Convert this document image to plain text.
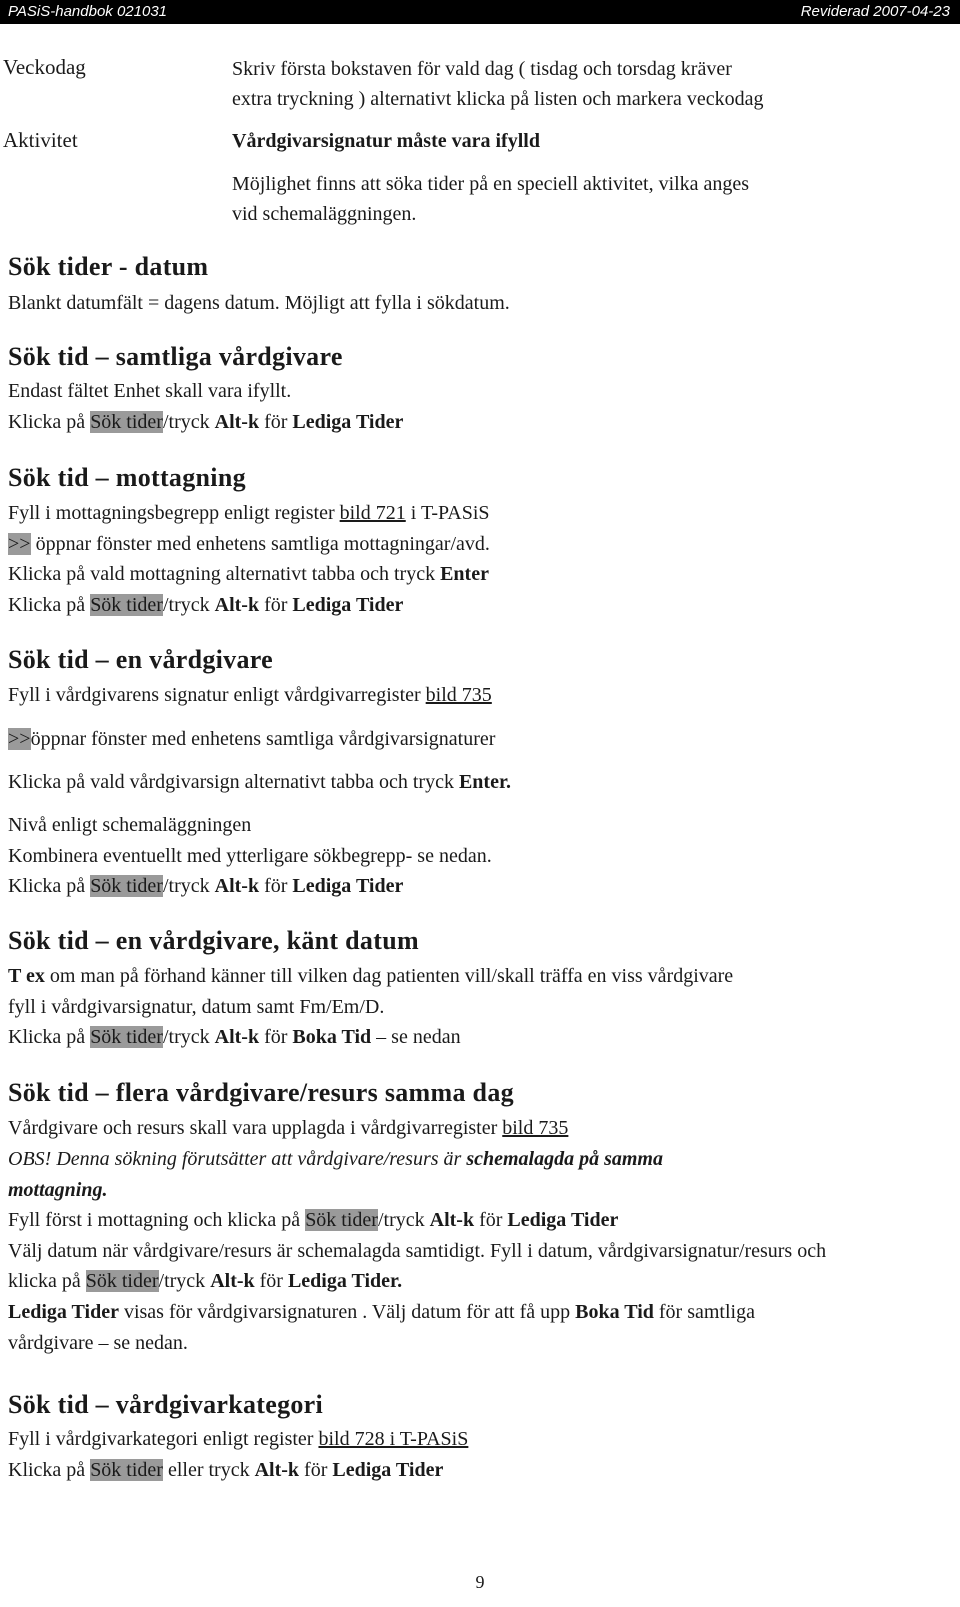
PASiS-handbok 021031	Reviderad 2007-04-23
Veckodag	Skriv första bokstaven för vald dag ( tisdag och torsdag kräver
extra tryckning ) alternativt klicka på listen och markera veckodag
Aktivitet	Vårdgivarsignatur måste vara ifylld
Möjlighet finns att söka tider på en speciell aktivitet, vilka anges
vid schemaläggningen.
Sök tider - datum
Blankt datumfält = dagens datum. Möjligt att fylla i sökdatum.
Sök tid – samtliga vårdgivare
Endast fältet Enhet skall vara ifyllt.
Klicka på Sök tider/tryck Alt-k för Lediga Tider
Sök tid – mottagning
Fyll i mottagningsbegrepp enligt register bild 721 i T-PASiS
>> öppnar fönster med enhetens samtliga mottagningar/avd.
Klicka på vald mottagning alternativt tabba och tryck Enter
Klicka på Sök tider/tryck Alt-k för Lediga Tider
Sök tid – en vårdgivare
Fyll i vårdgivarens signatur enligt vårdgivarregister bild 735
>>öppnar fönster med enhetens samtliga vårdgivarsignaturer
Klicka på vald vårdgivarsign alternativt tabba och tryck Enter.
Nivå enligt schemaläggningen
Kombinera eventuellt med ytterligare sökbegrepp- se nedan.
Klicka på Sök tider/tryck Alt-k för Lediga Tider
Sök tid – en vårdgivare, känt datum
T ex om man på förhand känner till vilken dag patienten vill/skall träffa en viss vårdgivare
fyll i vårdgivarsignatur, datum samt Fm/Em/D.
Klicka på Sök tider/tryck Alt-k för Boka Tid – se nedan
Sök tid – flera vårdgivare/resurs samma dag
Vårdgivare och resurs skall vara upplagda i vårdgivarregister bild 735
OBS! Denna sökning förutsätter att vårdgivare/resurs är schemalagda på samma
mottagning.
Fyll först i mottagning och klicka på Sök tider/tryck Alt-k för Lediga Tider
Välj datum när vårdgivare/resurs är schemalagda samtidigt. Fyll i datum, vårdgivarsignatur/resurs och
klicka på Sök tider/tryck Alt-k för Lediga Tider.
Lediga Tider visas för vårdgivarsignaturen . Välj datum för att få upp Boka Tid för samtliga
vårdgivare – se nedan.
Sök tid – vårdgivarkategori
Fyll i vårdgivarkategori enligt register bild 728 i T-PASiS
Klicka på Sök tider eller tryck Alt-k för Lediga Tider
9
